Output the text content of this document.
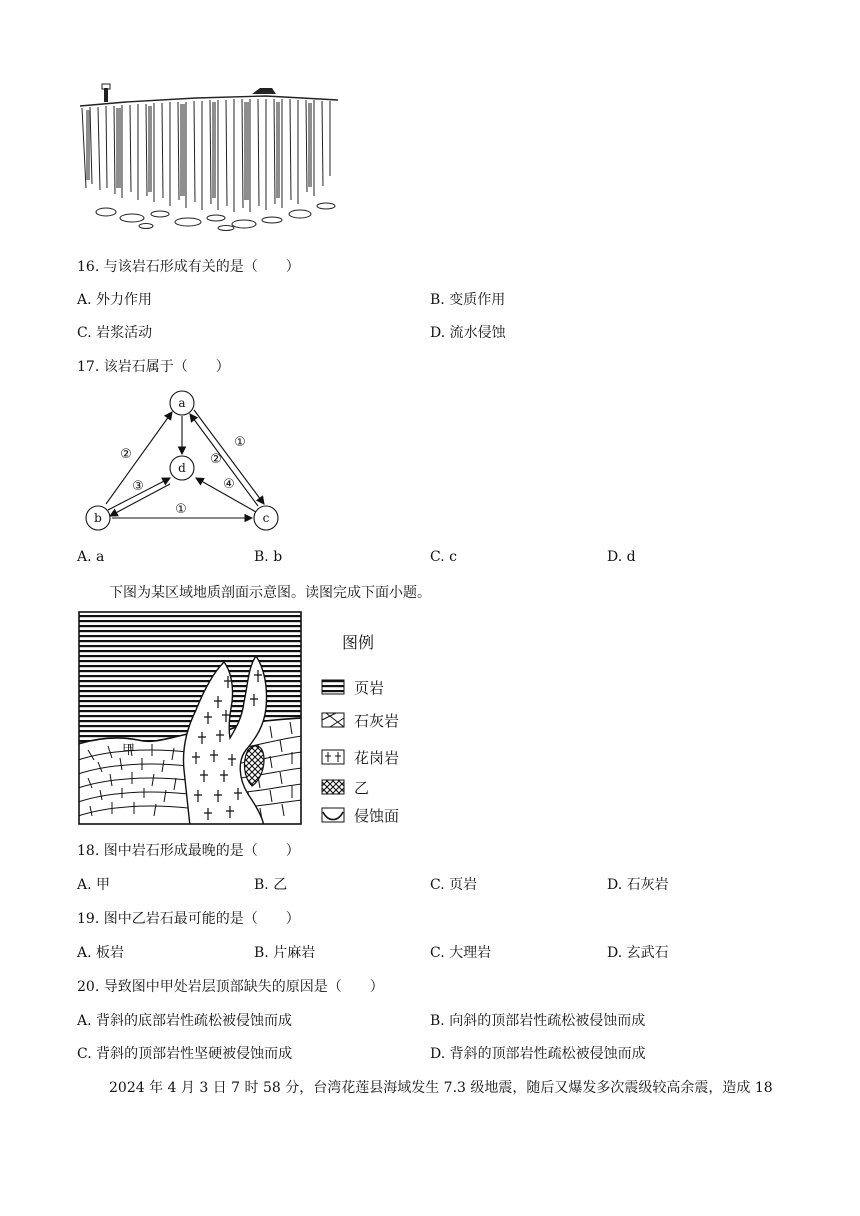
16. 与该岩石形成有关的是（　　）
A. 外力作用	B. 变质作用
C. 岩浆活动	D. 流水侵蚀
17. 该岩石属于（　　）
a
b	c
d
①
②	②
③	④
①
A. a	B. b	C. c	D. d
下图为某区域地质剖面示意图。读图完成下面小题。
甲
图例
页岩
石灰岩
花岗岩
乙
侵蚀面
18. 图中岩石形成最晚的是（　　）
A. 甲	B. 乙	C. 页岩	D. 石灰岩
19. 图中乙岩石最可能的是（　　）
A. 板岩	B. 片麻岩	C. 大理岩	D. 玄武石
20. 导致图中甲处岩层顶部缺失的原因是（　　）
A. 背斜的底部岩性疏松被侵蚀而成	B. 向斜的顶部岩性疏松被侵蚀而成
C. 背斜的顶部岩性坚硬被侵蚀而成	D. 背斜的顶部岩性疏松被侵蚀而成
2024 年 4 月 3 日 7 时 58 分，台湾花莲县海域发生 7.3 级地震，随后又爆发多次震级较高余震，造成 18
